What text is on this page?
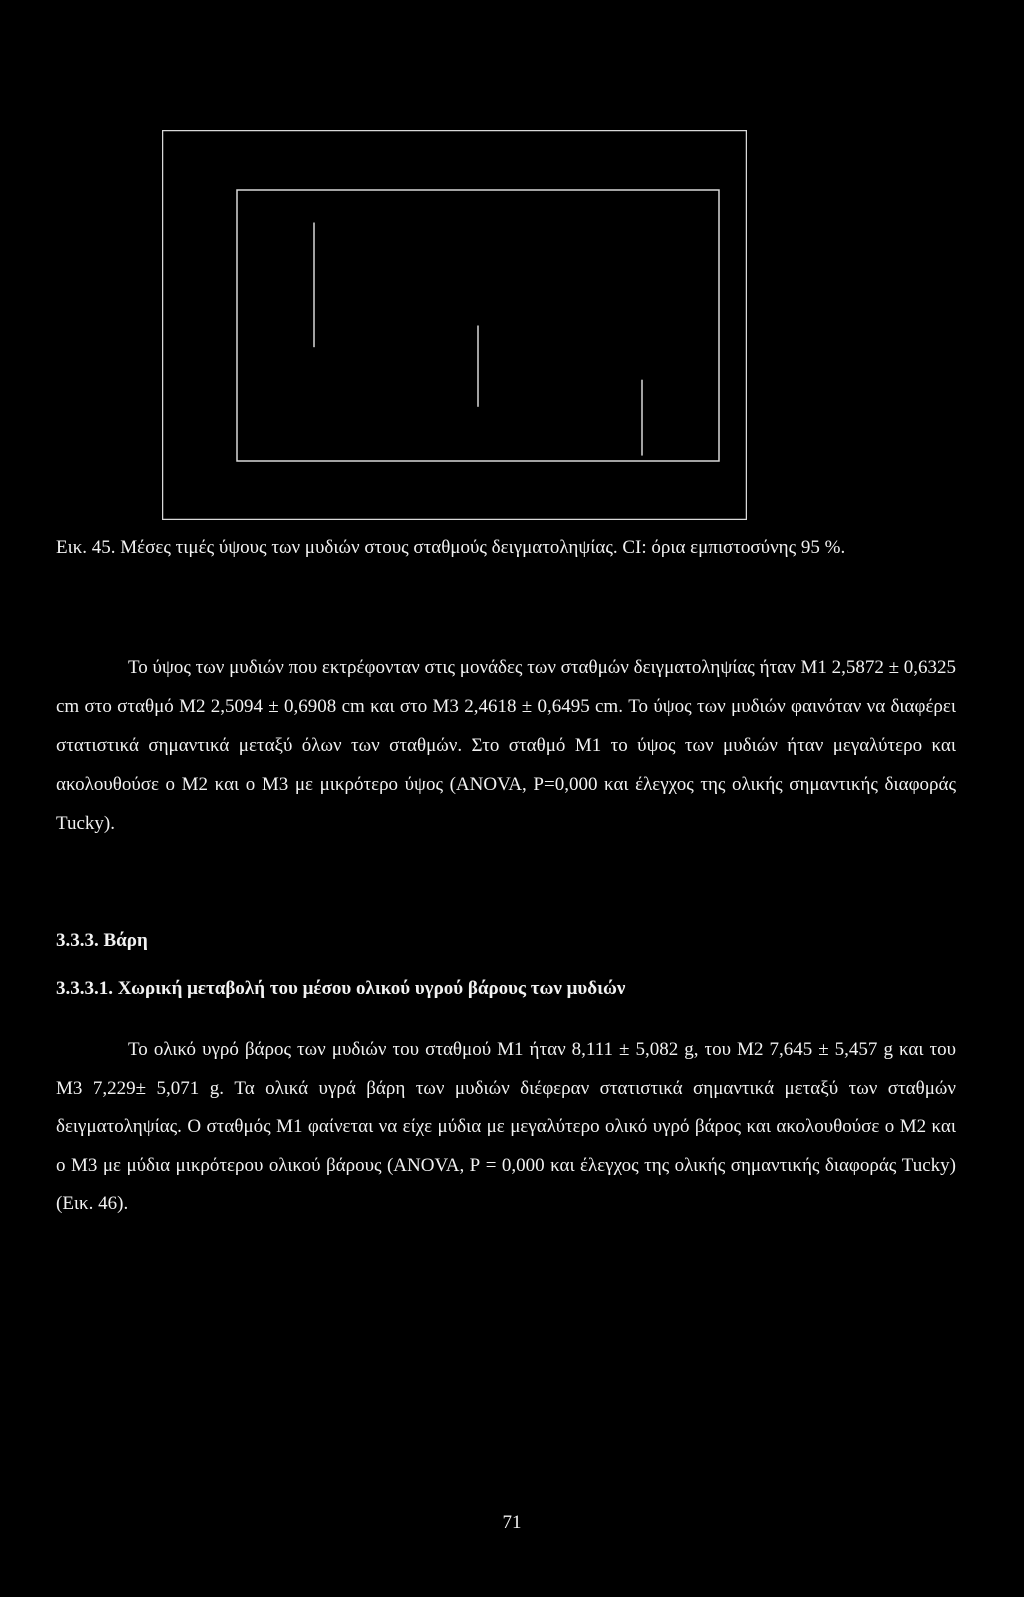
Εικ. 45. Μέσες τιμές ύψους των μυδιών στους σταθμούς δειγματοληψίας. CI: όρια εμπιστοσύνης 95 %.

Το ύψος των μυδιών που εκτρέφονταν στις μονάδες των σταθμών δειγματοληψίας ήταν Μ1 2,5872 ± 0,6325 cm στο σταθμό Μ2 2,5094 ± 0,6908 cm και στο Μ3 2,4618 ± 0,6495 cm. Το ύψος των μυδιών φαινόταν να διαφέρει στατιστικά σημαντικά μεταξύ όλων των σταθμών. Στο σταθμό Μ1 το ύψος των μυδιών ήταν μεγαλύτερο και ακολουθούσε ο Μ2 και ο Μ3 με μικρότερο ύψος (ANOVA, Ρ=0,000 και έλεγχος της ολικής σημαντικής διαφοράς Tucky).

3.3.3. Βάρη

3.3.3.1. Χωρική μεταβολή του μέσου ολικού υγρού βάρους των μυδιών

Το ολικό υγρό βάρος των μυδιών του σταθμού Μ1 ήταν 8,111 ± 5,082 g, του Μ2 7,645 ± 5,457 g και του Μ3 7,229± 5,071 g. Τα ολικά υγρά βάρη των μυδιών διέφεραν στατιστικά σημαντικά μεταξύ των σταθμών δειγματοληψίας. Ο σταθμός Μ1 φαίνεται να είχε μύδια με μεγαλύτερο ολικό υγρό βάρος και ακολουθούσε ο Μ2 και ο Μ3 με μύδια μικρότερου ολικού βάρους (ANOVA, Ρ = 0,000 και έλεγχος της ολικής σημαντικής διαφοράς Tucky) (Εικ. 46).

71
